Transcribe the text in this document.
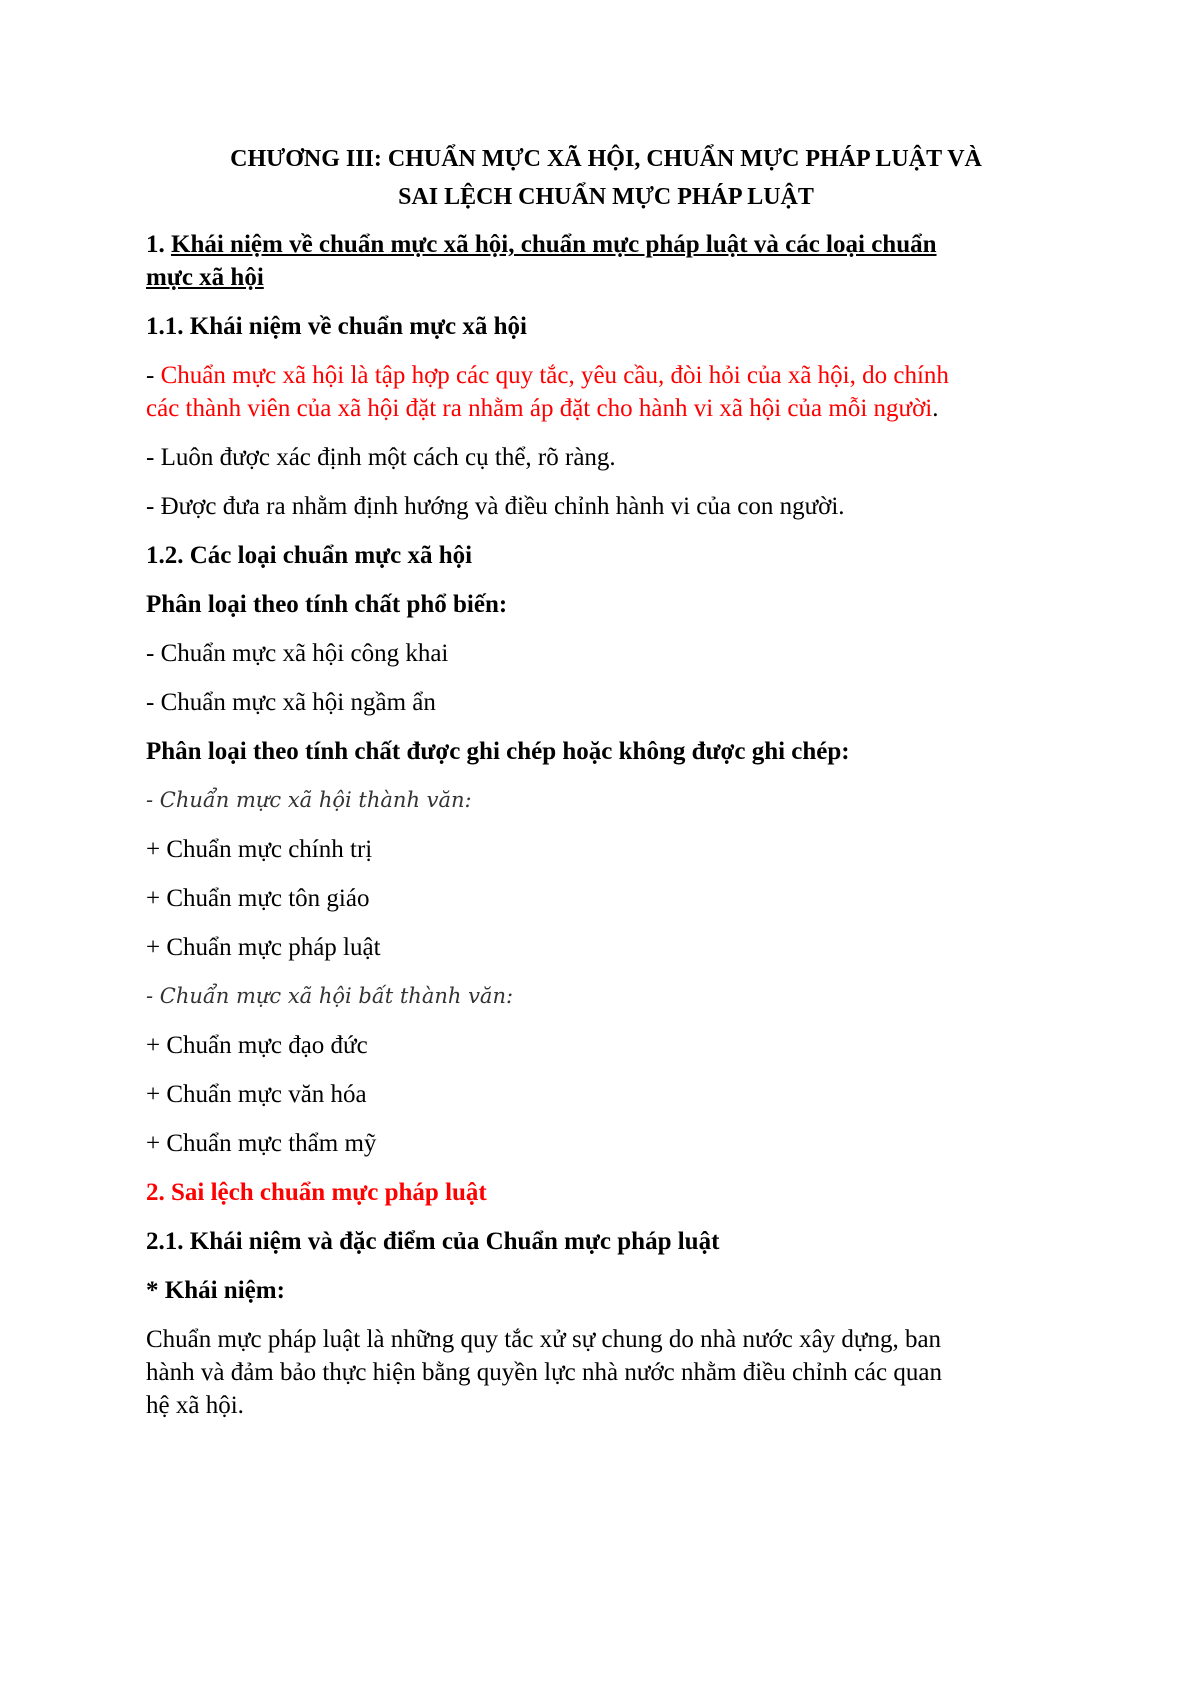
CHƯƠNG III: CHUẨN MỰC XÃ HỘI, CHUẨN MỰC PHÁP LUẬT VÀ

SAI LỆCH CHUẨN MỰC PHÁP LUẬT

1. Khái niệm về chuẩn mực xã hội, chuẩn mực pháp luật và các loại chuẩn

mực xã hội

1.1. Khái niệm về chuẩn mực xã hội

- Chuẩn mực xã hội là tập hợp các quy tắc, yêu cầu, đòi hỏi của xã hội, do chính

các thành viên của xã hội đặt ra nhằm áp đặt cho hành vi xã hội của mỗi người.

- Luôn được xác định một cách cụ thể, rõ ràng.

- Được đưa ra nhằm định hướng và điều chỉnh hành vi của con người.

1.2. Các loại chuẩn mực xã hội

Phân loại theo tính chất phổ biến:

- Chuẩn mực xã hội công khai

- Chuẩn mực xã hội ngầm ẩn

Phân loại theo tính chất được ghi chép hoặc không được ghi chép:

- Chuẩn mực xã hội thành văn:

+ Chuẩn mực chính trị

+ Chuẩn mực tôn giáo

+ Chuẩn mực pháp luật

- Chuẩn mực xã hội bất thành văn:

+ Chuẩn mực đạo đức

+ Chuẩn mực văn hóa

+ Chuẩn mực thẩm mỹ

2. Sai lệch chuẩn mực pháp luật

2.1. Khái niệm và đặc điểm của Chuẩn mực pháp luật

* Khái niệm:

Chuẩn mực pháp luật là những quy tắc xử sự chung do nhà nước xây dựng, ban

hành và đảm bảo thực hiện bằng quyền lực nhà nước nhằm điều chỉnh các quan

hệ xã hội.
